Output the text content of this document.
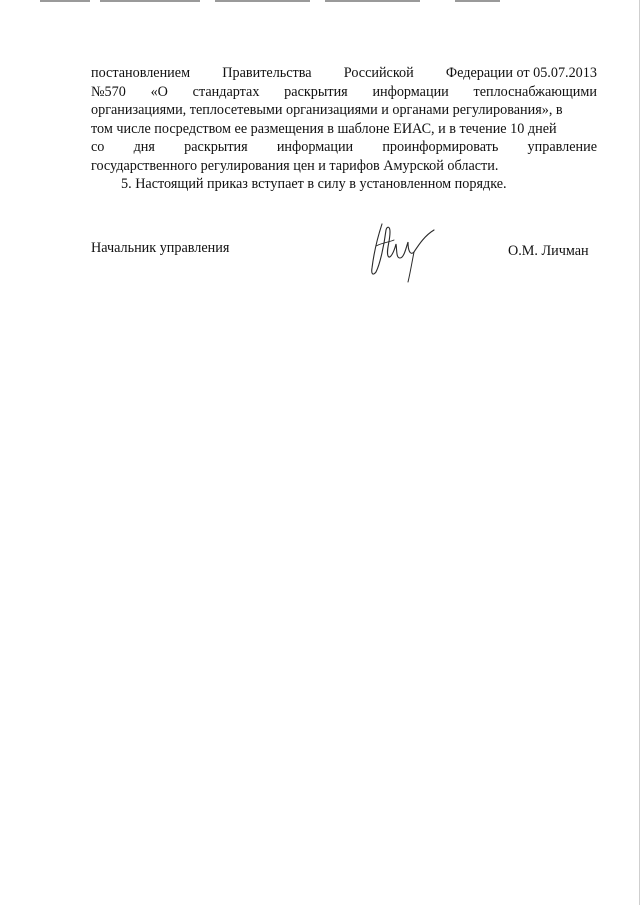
постановлением Правительства Российской Федерации от 05.07.2013
№570 «О стандартах раскрытия информации теплоснабжающими
организациями, теплосетевыми организациями и органами регулирования», в
том числе посредством ее размещения в шаблоне ЕИАС, и в течение 10 дней
со дня раскрытия информации проинформировать управление
государственного регулирования цен и тарифов Амурской области.
5. Настоящий приказ вступает в силу в установленном порядке.
Начальник управления	О.М. Личман
